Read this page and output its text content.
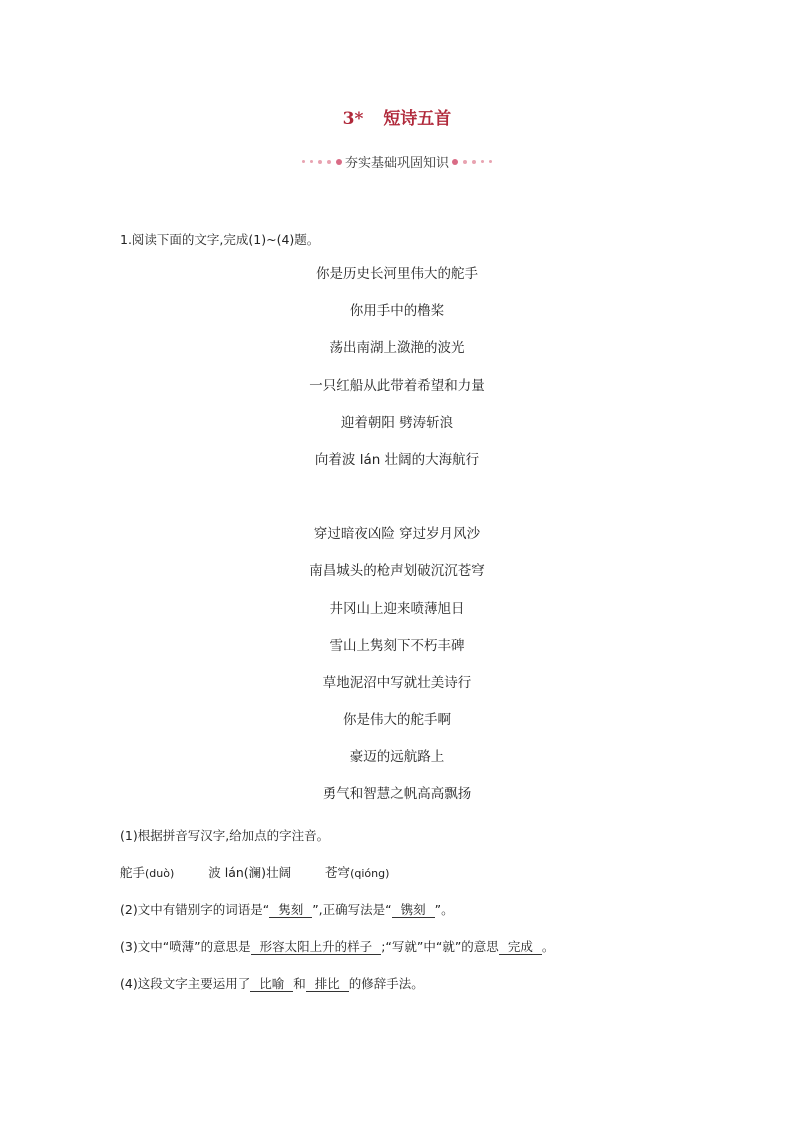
3* 短诗五首
夯实基础巩固知识
1.阅读下面的文字,完成(1)~(4)题。
你是历史长河里伟大的舵手
你用手中的橹桨
荡出南湖上潋滟的波光
一只红船从此带着希望和力量
迎着朝阳 劈涛斩浪
向着波 lán 壮阔的大海航行
穿过暗夜凶险 穿过岁月风沙
南昌城头的枪声划破沉沉苍穹
井冈山上迎来喷薄旭日
雪山上隽刻下不朽丰碑
草地泥沼中写就壮美诗行
你是伟大的舵手啊
豪迈的远航路上
勇气和智慧之帆高高飘扬
(1)根据拼音写汉字,给加点的字注音。
舵手(duò)	波 lán(澜)壮阔	苍穹(qióng)
(2)文中有错别字的词语是“ 隽刻 ”,正确写法是“ 镌刻 ”。
(3)文中“喷薄”的意思是 形容太阳上升的样子 ;“写就”中“就”的意思 完成 。
(4)这段文字主要运用了 比喻 和 排比 的修辞手法。
